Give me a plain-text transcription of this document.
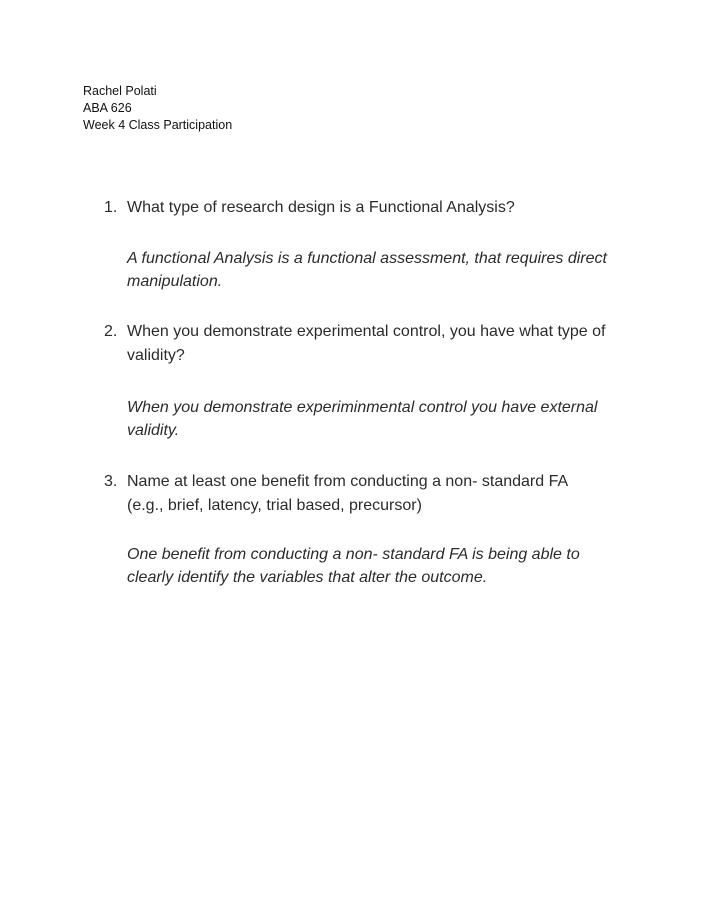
Rachel Polati
ABA 626
Week 4 Class Participation
1. What type of research design is a Functional Analysis?
A functional Analysis is a functional assessment, that requires direct manipulation.
2. When you demonstrate experimental control, you have what type of validity?
When you demonstrate experiminmental control you have external validity.
3. Name at least one benefit from conducting a non- standard FA (e.g., brief, latency, trial based, precursor)
One benefit from conducting a non- standard FA is being able to clearly identify the variables that alter the outcome.
